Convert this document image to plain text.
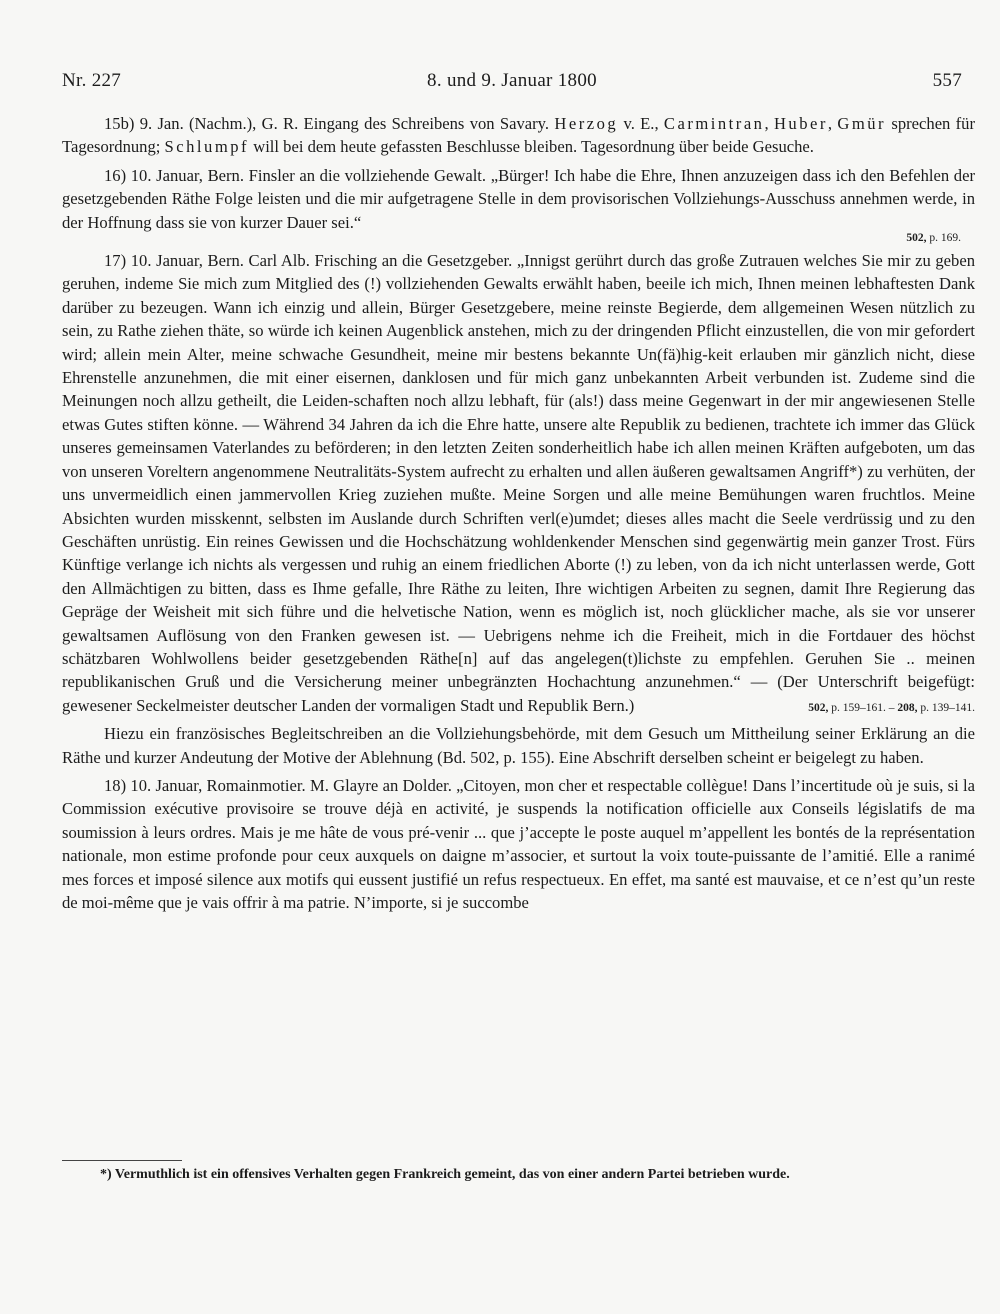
Nr. 227	8. und 9. Januar 1800	557

15b) 9. Jan. (Nachm.), G. R. Eingang des Schreibens von Savary. Herzog v. E., Carmintran, Huber, Gmür sprechen für Tagesordnung; Schlumpf will bei dem heute gefassten Beschlusse bleiben. Tagesordnung über beide Gesuche.

16) 10. Januar, Bern. Finsler an die vollziehende Gewalt. „Bürger! Ich habe die Ehre, Ihnen anzuzeigen dass ich den Befehlen der gesetzgebenden Räthe Folge leisten und die mir aufgetragene Stelle in dem provisorischen Vollziehungs-Ausschuss annehmen werde, in der Hoffnung dass sie von kurzer Dauer sei.“

502, p. 169.

17) 10. Januar, Bern. Carl Alb. Frisching an die Gesetzgeber. „Innigst gerührt durch das große Zutrauen welches Sie mir zu geben geruhen, indeme Sie mich zum Mitglied des (!) vollziehenden Gewalts erwählt haben, beeile ich mich, Ihnen meinen lebhaftesten Dank darüber zu bezeugen. Wann ich einzig und allein, Bürger Gesetzgebere, meine reinste Begierde, dem allgemeinen Wesen nützlich zu sein, zu Rathe ziehen thäte, so würde ich keinen Augenblick anstehen, mich zu der dringenden Pflicht einzustellen, die von mir gefordert wird; allein mein Alter, meine schwache Gesundheit, meine mir bestens bekannte Un(fä)hig-keit erlauben mir gänzlich nicht, diese Ehrenstelle anzunehmen, die mit einer eisernen, danklosen und für mich ganz unbekannten Arbeit verbunden ist. Zudeme sind die Meinungen noch allzu getheilt, die Leiden-schaften noch allzu lebhaft, für (als!) dass meine Gegenwart in der mir angewiesenen Stelle etwas Gutes stiften könne. — Während 34 Jahren da ich die Ehre hatte, unsere alte Republik zu bedienen, trachtete ich immer das Glück unseres gemeinsamen Vaterlandes zu beförderen; in den letzten Zeiten sonderheitlich habe ich allen meinen Kräften aufgeboten, um das von unseren Voreltern angenommene Neutralitäts-System aufrecht zu erhalten und allen äußeren gewaltsamen Angriff*) zu verhüten, der uns unvermeidlich einen jammervollen Krieg zuziehen mußte. Meine Sorgen und alle meine Bemühungen waren fruchtlos. Meine Absichten wurden misskennt, selbsten im Auslande durch Schriften verl(e)umdet; dieses alles macht die Seele verdrüssig und zu den Geschäften unrüstig. Ein reines Gewissen und die Hochschätzung wohldenkender Menschen sind gegenwärtig mein ganzer Trost. Fürs Künftige verlange ich nichts als vergessen und ruhig an einem friedlichen Aborte (!) zu leben, von da ich nicht unterlassen werde, Gott den Allmächtigen zu bitten, dass es Ihme gefalle, Ihre Räthe zu leiten, Ihre wichtigen Arbeiten zu segnen, damit Ihre Regierung das Gepräge der Weisheit mit sich führe und die helvetische Nation, wenn es möglich ist, noch glücklicher mache, als sie vor unserer gewaltsamen Auflösung von den Franken gewesen ist. — Uebrigens nehme ich die Freiheit, mich in die Fortdauer des höchst schätzbaren Wohlwollens beider gesetzgebenden Räthe[n] auf das angelegen(t)lichste zu empfehlen. Geruhen Sie .. meinen republikanischen Gruß und die Versicherung meiner unbegränzten Hochachtung anzunehmen.“ — (Der Unterschrift beigefügt: gewesener Seckelmeister deutscher Landen der vormaligen Stadt und Republik Bern.)	502, p. 159–161. – 208, p. 139–141.

Hiezu ein französisches Begleitschreiben an die Vollziehungsbehörde, mit dem Gesuch um Mittheilung seiner Erklärung an die Räthe und kurzer Andeutung der Motive der Ablehnung (Bd. 502, p. 155). Eine Abschrift derselben scheint er beigelegt zu haben.

18) 10. Januar, Romainmotier. M. Glayre an Dolder. „Citoyen, mon cher et respectable collègue! Dans l’incertitude où je suis, si la Commission exécutive provisoire se trouve déjà en activité, je suspends la notification officielle aux Conseils législatifs de ma soumission à leurs ordres. Mais je me hâte de vous pré-venir ... que j’accepte le poste auquel m’appellent les bontés de la représentation nationale, mon estime profonde pour ceux auxquels on daigne m’associer, et surtout la voix toute-puissante de l’amitié. Elle a ranimé mes forces et imposé silence aux motifs qui eussent justifié un refus respectueux. En effet, ma santé est mauvaise, et ce n’est qu’un reste de moi-même que je vais offrir à ma patrie. N’importe, si je succombe

*) Vermuthlich ist ein offensives Verhalten gegen Frankreich gemeint, das von einer andern Partei betrieben wurde.
